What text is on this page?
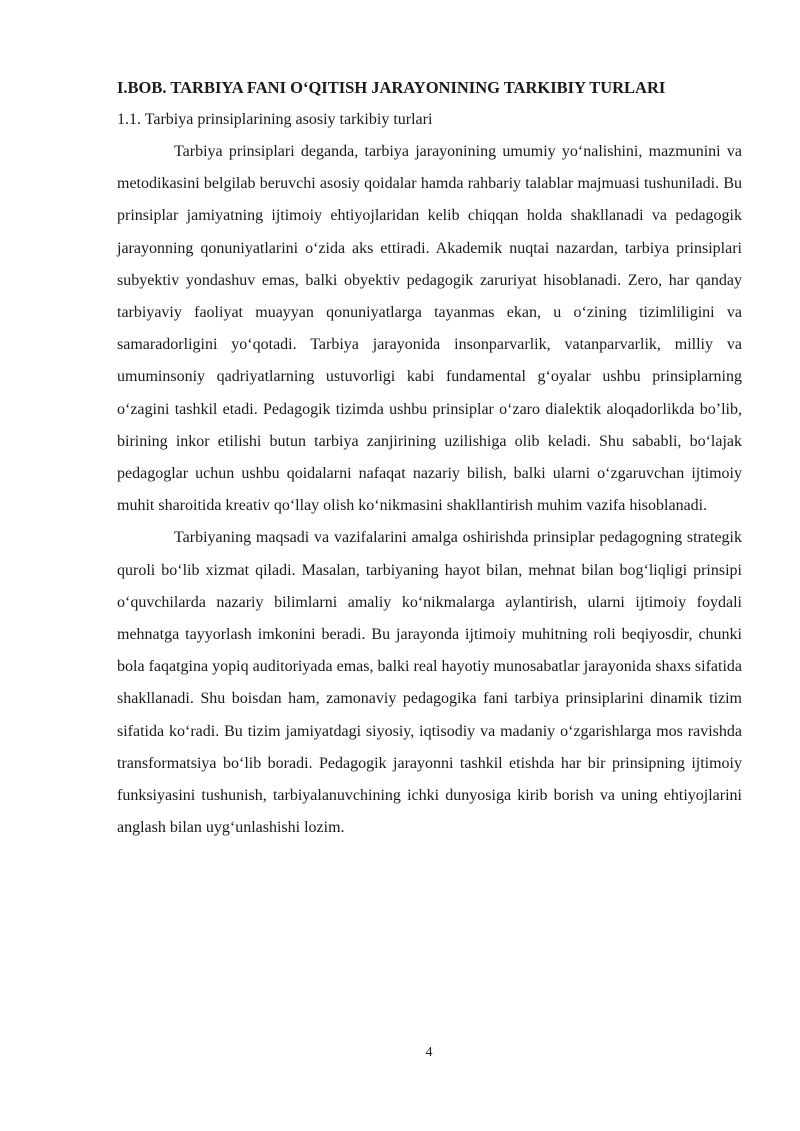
I.BOB. TARBIYA FANI O‘QITISH JARAYONINING TARKIBIY TURLARI
1.1. Tarbiya prinsiplarining asosiy tarkibiy turlari

Tarbiya prinsiplari deganda, tarbiya jarayonining umumiy yo‘nalishini, mazmunini va metodikasini belgilab beruvchi asosiy qoidalar hamda rahbariy talablar majmuasi tushuniladi. Bu prinsiplar jamiyatning ijtimoiy ehtiyojlaridan kelib chiqqan holda shakllanadi va pedagogik jarayonning qonuniyatlarini o‘zida aks ettiradi. Akademik nuqtai nazardan, tarbiya prinsiplari subyektiv yondashuv emas, balki obyektiv pedagogik zaruriyat hisoblanadi. Zero, har qanday tarbiyaviy faoliyat muayyan qonuniyatlarga tayanmas ekan, u o‘zining tizimliligini va samaradorligini yo‘qotadi. Tarbiya jarayonida insonparvarlik, vatanparvarlik, milliy va umuminsoniy qadriyatlarning ustuvorligi kabi fundamental g‘oyalar ushbu prinsiplarning o‘zagini tashkil etadi. Pedagogik tizimda ushbu prinsiplar o‘zaro dialektik aloqadorlikda bo’lib, birining inkor etilishi butun tarbiya zanjirining uzilishiga olib keladi. Shu sababli, bo‘lajak pedagoglar uchun ushbu qoidalarni nafaqat nazariy bilish, balki ularni o‘zgaruvchan ijtimoiy muhit sharoitida kreativ qo‘llay olish ko‘nikmasini shakllantirish muhim vazifa hisoblanadi.

Tarbiyaning maqsadi va vazifalarini amalga oshirishda prinsiplar pedagogning strategik quroli bo‘lib xizmat qiladi. Masalan, tarbiyaning hayot bilan, mehnat bilan bog‘liqligi prinsipi o‘quvchilarda nazariy bilimlarni amaliy ko‘nikmalarga aylantirish, ularni ijtimoiy foydali mehnatga tayyorlash imkonini beradi. Bu jarayonda ijtimoiy muhitning roli beqiyosdir, chunki bola faqatgina yopiq auditoriyada emas, balki real hayotiy munosabatlar jarayonida shaxs sifatida shakllanadi. Shu boisdan ham, zamonaviy pedagogika fani tarbiya prinsiplarini dinamik tizim sifatida ko‘radi. Bu tizim jamiyatdagi siyosiy, iqtisodiy va madaniy o‘zgarishlarga mos ravishda transformatsiya bo‘lib boradi. Pedagogik jarayonni tashkil etishda har bir prinsipning ijtimoiy funksiyasini tushunish, tarbiyalanuvchining ichki dunyosiga kirib borish va uning ehtiyojlarini anglash bilan uyg‘unlashishi lozim.

4
